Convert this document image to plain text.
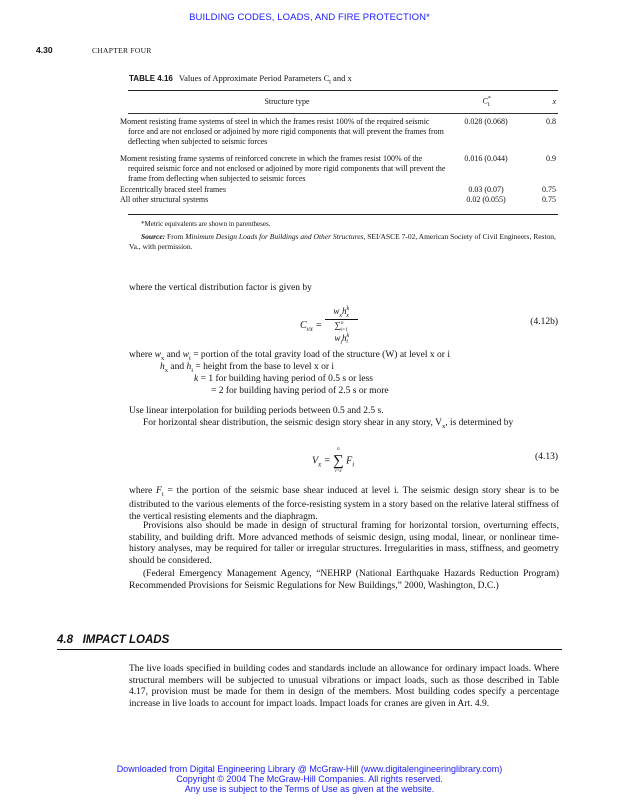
BUILDING CODES, LOADS, AND FIRE PROTECTION*
4.30	CHAPTER FOUR
TABLE 4.16 Values of Approximate Period Parameters $C_t$ and x
Structure type	$C^*_t$	x
Moment resisting frame systems of steel in which the frames resist 100% of the required seismic force and are not enclosed or adjoined by more rigid components that will prevent the frames from deflecting when subjected to seismic forces	0.028 (0.068)	0.8
Moment resisting frame systems of reinforced concrete in which the frames resist 100% of the required seismic force and not enclosed or adjoined by more rigid components that will prevent the frame from deflecting when subjected to seismic forces	0.016 (0.044)	0.9
Eccentrically braced steel frames	0.03 (0.07)	0.75
All other structural systems	0.02 (0.055)	0.75
*Metric equivalents are shown in parentheses.
Source: From Minimum Design Loads for Buildings and Other Structures, SEI/ASCE 7-02, American Society of Civil Engineers, Reston, Va., with permission.
where the vertical distribution factor is given by
$C_{vx} = \frac{w_xh^k_x}{\sum^n_{i=1} w_ih^k_i}$	(4.12b)
where $w_x$ and $w_i$ = portion of the total gravity load of the structure (W) at level x or i
$h_x$ and $h_i$ = height from the base to level x or i
k = 1 for building having period of 0.5 s or less
= 2 for building having period of 2.5 s or more
Use linear interpolation for building periods between 0.5 and 2.5 s.
For horizontal shear distribution, the seismic design story shear in any story, $V_x$, is determined by
$V_x$ =
n
∑
i=x
$F_i$
(4.13)
where $F_i$ = the portion of the seismic base shear induced at level i. The seismic design story shear is to be distributed to the various elements of the force-resisting system in a story based on the relative lateral stiffness of the vertical resisting elements and the diaphragm.
Provisions also should be made in design of structural framing for horizontal torsion, overturning effects, stability, and building drift. More advanced methods of seismic design, using modal, linear, or nonlinear time-history analyses, may be required for taller or irregular structures. Irregularities in mass, stiffness, and geometry should be considered.
(Federal Emergency Management Agency, “NEHRP (National Earthquake Hazards Reduction Program) Recommended Provisions for Seismic Regulations for New Buildings,” 2000, Washington, D.C.)
4.8 IMPACT LOADS
The live loads specified in building codes and standards include an allowance for ordinary impact loads. Where structural members will be subjected to unusual vibrations or impact loads, such as those described in Table 4.17, provision must be made for them in design of the members. Most building codes specify a percentage increase in live loads to account for impact loads. Impact loads for cranes are given in Art. 4.9.
Downloaded from Digital Engineering Library @ McGraw-Hill (www.digitalengineeringlibrary.com)
Copyright © 2004 The McGraw-Hill Companies. All rights reserved.
Any use is subject to the Terms of Use as given at the website.
